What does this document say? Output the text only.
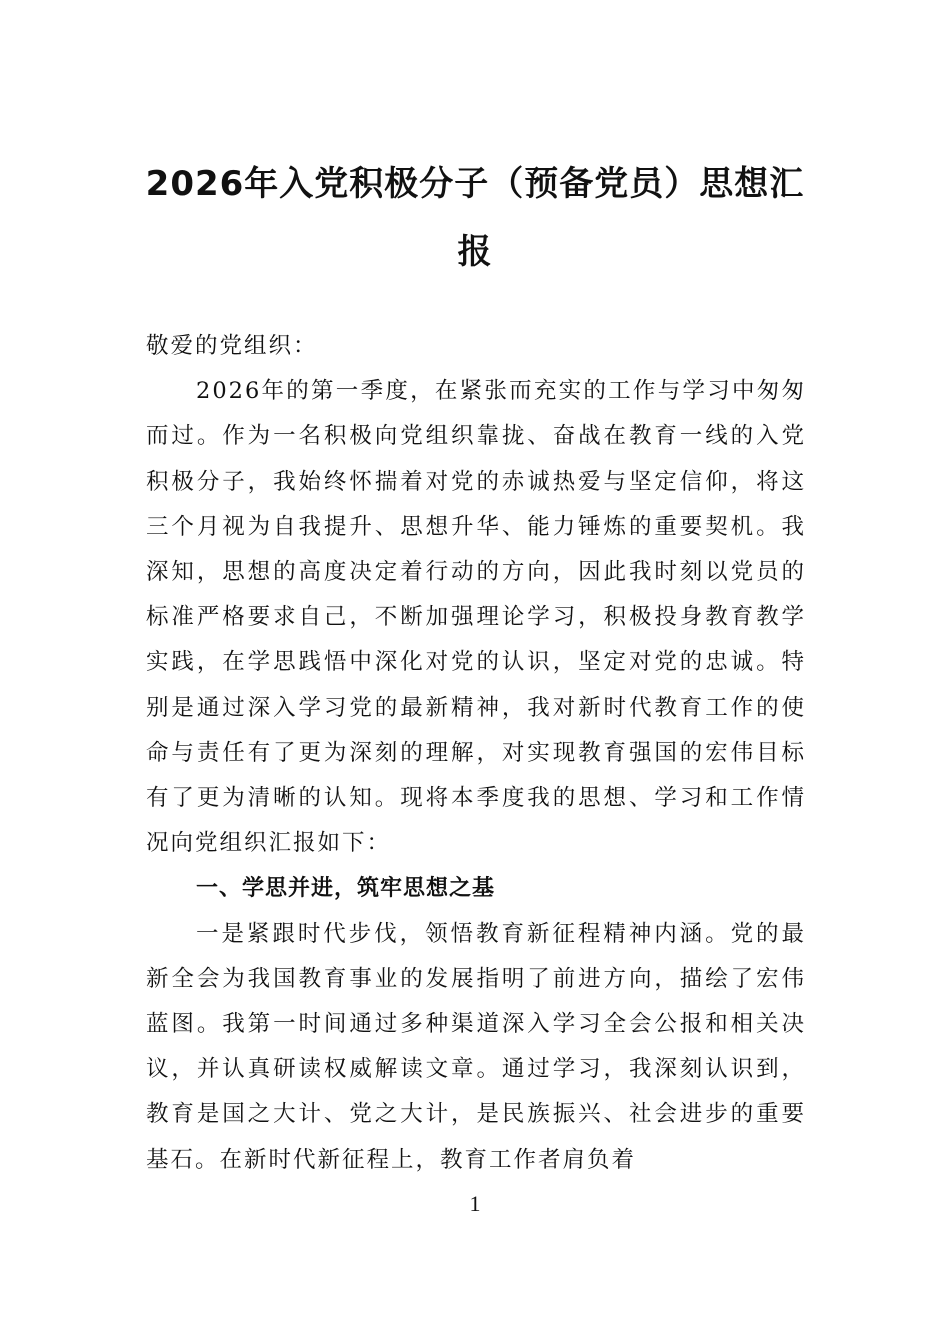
2026年入党积极分子（预备党员）思想汇报

敬爱的党组织：

2026年的第一季度，在紧张而充实的工作与学习中匆匆而过。作为一名积极向党组织靠拢、奋战在教育一线的入党积极分子，我始终怀揣着对党的赤诚热爱与坚定信仰，将这三个月视为自我提升、思想升华、能力锤炼的重要契机。我深知，思想的高度决定着行动的方向，因此我时刻以党员的标准严格要求自己，不断加强理论学习，积极投身教育教学实践，在学思践悟中深化对党的认识，坚定对党的忠诚。特别是通过深入学习党的最新精神，我对新时代教育工作的使命与责任有了更为深刻的理解，对实现教育强国的宏伟目标有了更为清晰的认知。现将本季度我的思想、学习和工作情况向党组织汇报如下：

一、学思并进，筑牢思想之基

一是紧跟时代步伐，领悟教育新征程精神内涵。党的最新全会为我国教育事业的发展指明了前进方向，描绘了宏伟蓝图。我第一时间通过多种渠道深入学习全会公报和相关决议，并认真研读权威解读文章。通过学习，我深刻认识到，教育是国之大计、党之大计，是民族振兴、社会进步的重要基石。在新时代新征程上，教育工作者肩负着

1
